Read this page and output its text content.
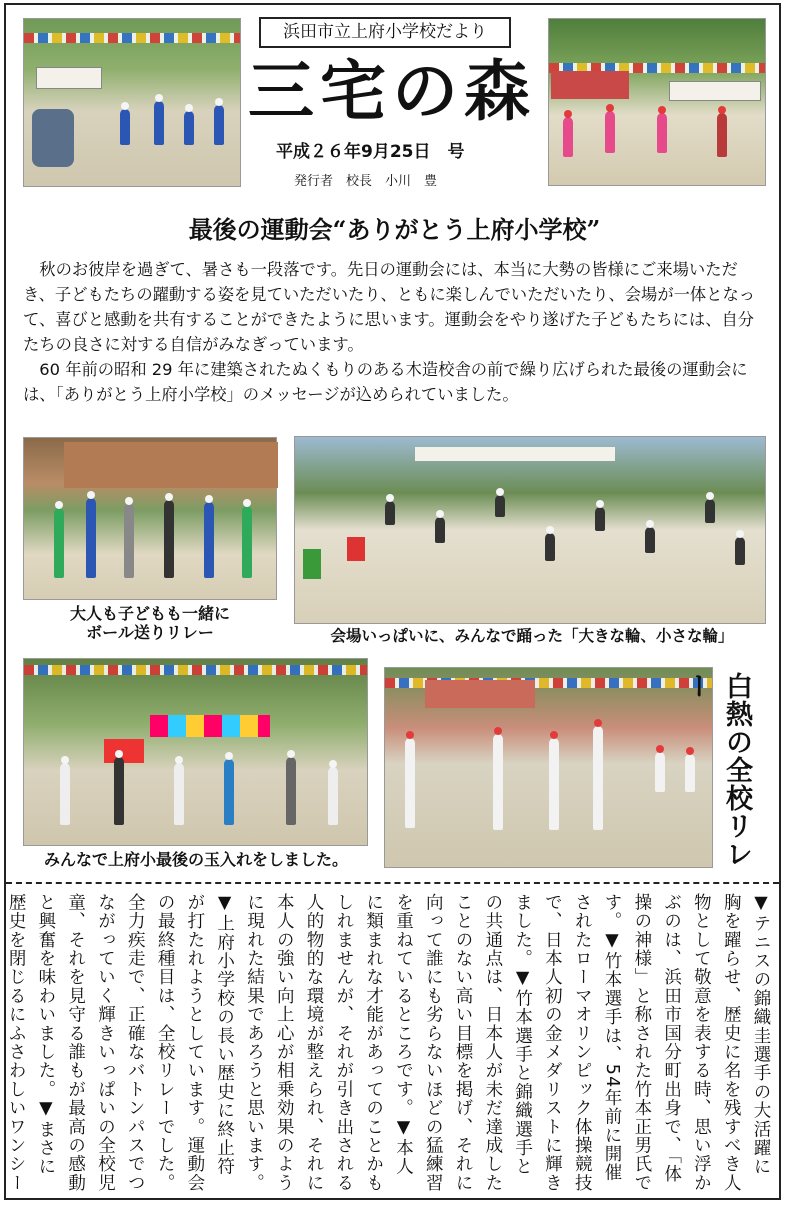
浜田市立上府小学校だより
三宅の森
平成２６年9月25日　号
発行者　校長　小川　豊
最後の運動会“ありがとう上府小学校”

秋のお彼岸を過ぎて、暑さも一段落です。先日の運動会には、本当に大勢の皆様にご来場いただき、子どもたちの躍動する姿を見ていただいたり、ともに楽しんでいただいたり、会場が一体となって、喜びと感動を共有することができたように思います。運動会をやり遂げた子どもたちには、自分たちの良さに対する自信がみなぎっています。

60 年前の昭和 29 年に建築されたぬくもりのある木造校舎の前で繰り広げられた最後の運動会には、「ありがとう上府小学校」のメッセージが込められていました。

大人も子どもも一緒に
ボール送りリレー	会場いっぱいに、みんなで踊った「大きな輪、小さな輪」
みんなで上府小最後の玉入れをしました。	白熱の全校リレー
▼テニスの錦織圭選手の大活躍に胸を躍らせ、歴史に名を残すべき人物として敬意を表する時、思い浮かぶのは、浜田市国分町出身で、「体操の神様」と称された竹本正男氏です。▼竹本選手は、54年前に開催されたローマオリンピック体操競技で、日本人初の金メダリストに輝きました。▼竹本選手と錦織選手との共通点は、日本人が未だ達成したことのない高い目標を掲げ、それに向って誰にも劣らないほどの猛練習を重ねているところです。▼本人に類まれな才能があってのことかもしれませんが、それが引き出される人的物的な環境が整えられ、それに本人の強い向上心が相乗効果のように現れた結果であろうと思います。▼上府小学校の長い歴史に終止符が打たれようとしています。運動会の最終種目は、全校リレーでした。全力疾走で、正確なバトンパスでつながっていく輝きいっぱいの全校児童、それを見守る誰もが最高の感動と興奮を味わいました。▼まさに歴史を閉じるにふさわしいワンシー
